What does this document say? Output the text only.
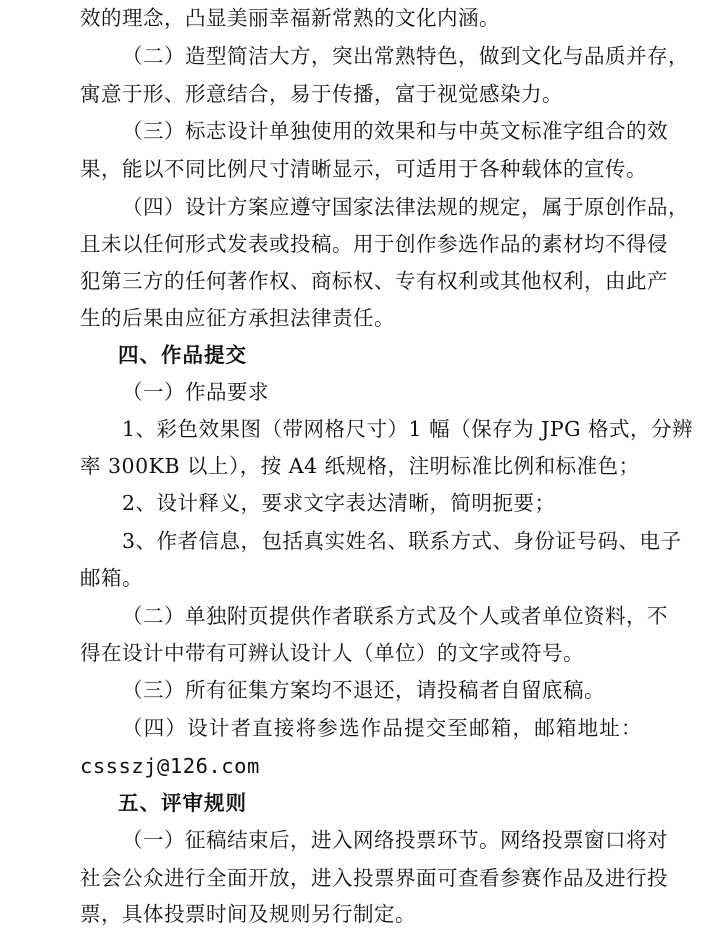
效的理念，凸显美丽幸福新常熟的文化内涵。
（二）造型简洁大方，突出常熟特色，做到文化与品质并存，
寓意于形、形意结合，易于传播，富于视觉感染力。
（三）标志设计单独使用的效果和与中英文标准字组合的效
果，能以不同比例尺寸清晰显示，可适用于各种载体的宣传。
（四）设计方案应遵守国家法律法规的规定，属于原创作品，
且未以任何形式发表或投稿。用于创作参选作品的素材均不得侵
犯第三方的任何著作权、商标权、专有权利或其他权利，由此产
生的后果由应征方承担法律责任。
四、作品提交
（一）作品要求
1、彩色效果图（带网格尺寸）1 幅（保存为 JPG 格式，分辨
率 300KB 以上），按 A4 纸规格，注明标准比例和标准色；
2、设计释义，要求文字表达清晰，简明扼要；
3、作者信息，包括真实姓名、联系方式、身份证号码、电子
邮箱。
（二）单独附页提供作者联系方式及个人或者单位资料，不
得在设计中带有可辨认设计人（单位）的文字或符号。
（三）所有征集方案均不退还，请投稿者自留底稿。
（四）设计者直接将参选作品提交至邮箱，邮箱地址：
cssszj@126.com
五、评审规则
（一）征稿结束后，进入网络投票环节。网络投票窗口将对
社会公众进行全面开放，进入投票界面可查看参赛作品及进行投
票，具体投票时间及规则另行制定。
